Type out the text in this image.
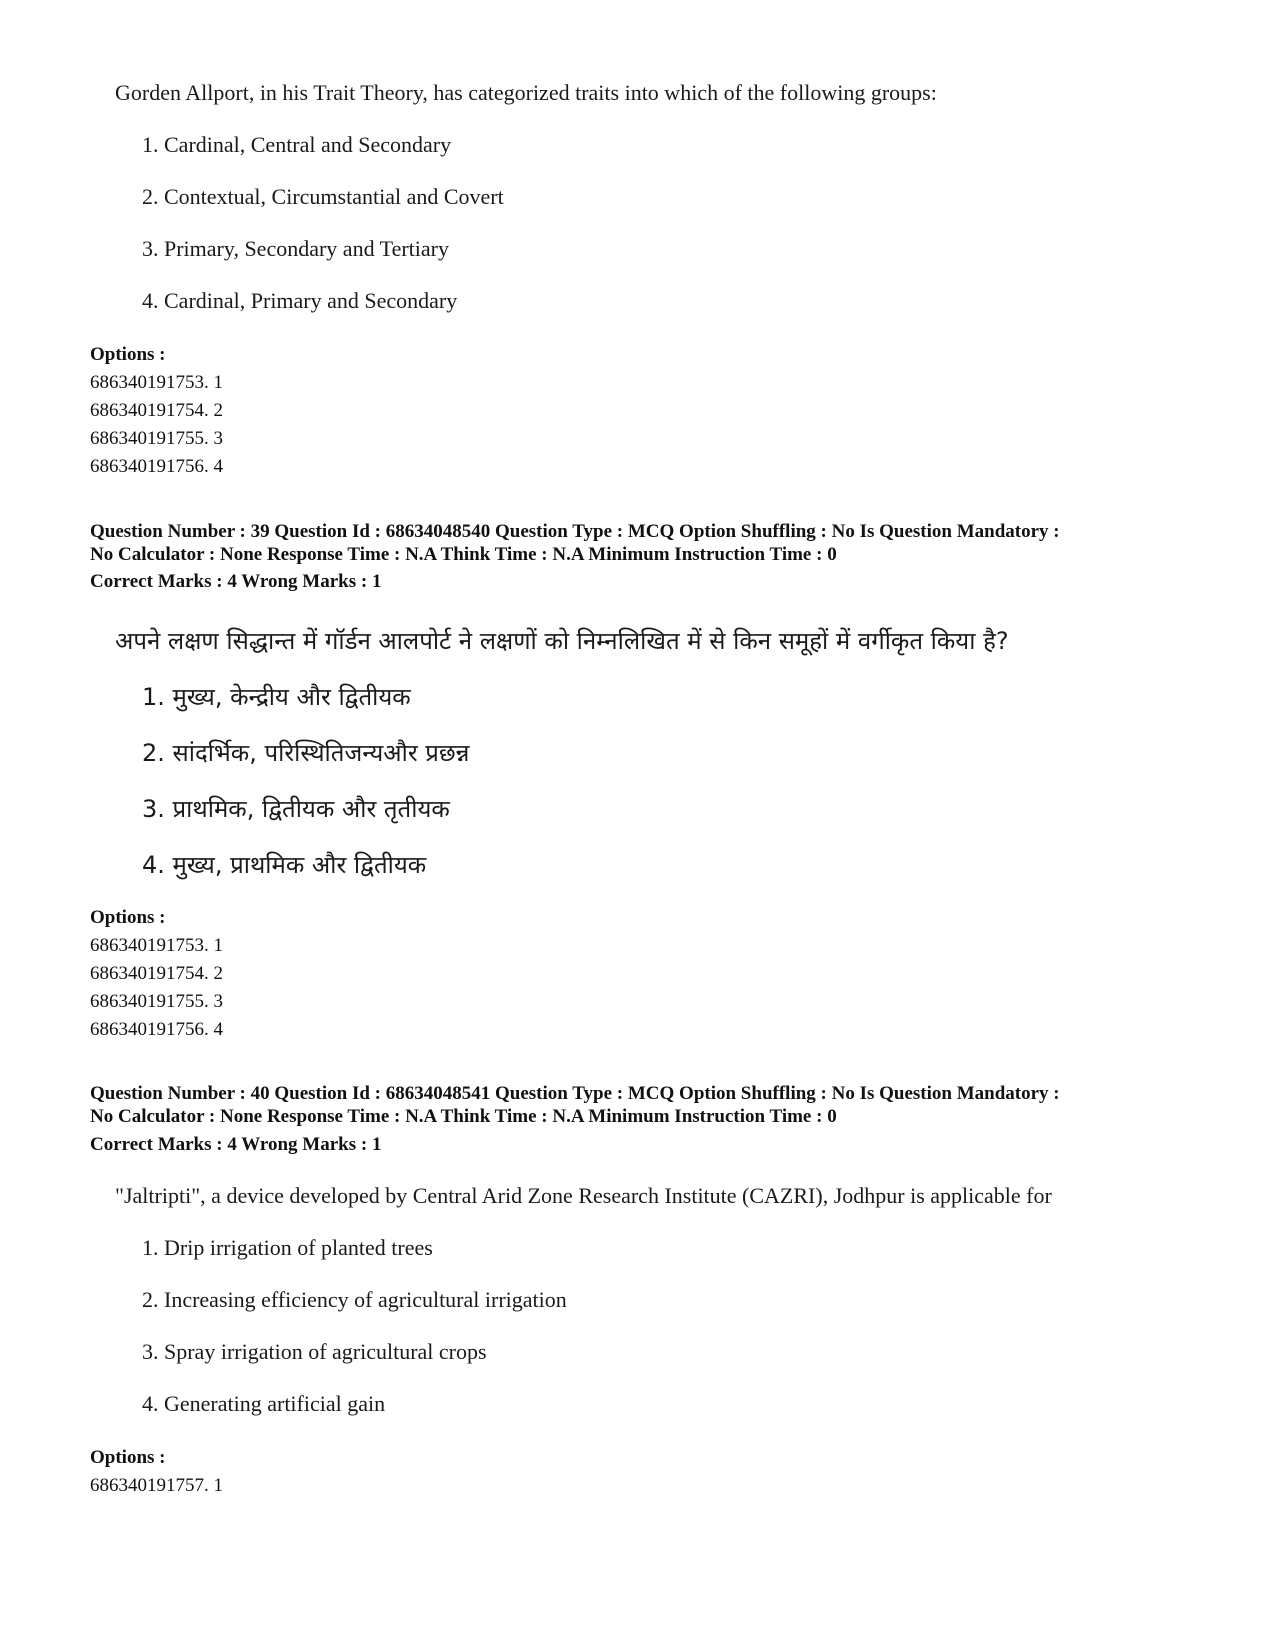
Gorden Allport, in his Trait Theory, has categorized traits into which of the following groups:
1. Cardinal, Central and Secondary
2. Contextual, Circumstantial and Covert
3. Primary, Secondary and Tertiary
4. Cardinal, Primary and Secondary
Options :
686340191753. 1
686340191754. 2
686340191755. 3
686340191756. 4
Question Number : 39 Question Id : 68634048540 Question Type : MCQ Option Shuffling : No Is Question Mandatory :
No Calculator : None Response Time : N.A Think Time : N.A Minimum Instruction Time : 0
Correct Marks : 4 Wrong Marks : 1
अपने लक्षण सिद्धान्त में गॉर्डन आलपोर्ट ने लक्षणों को निम्नलिखित में से किन समूहों में वर्गीकृत किया है?
1. मुख्य, केन्द्रीय और द्वितीयक
2. सांदर्भिक, परिस्थितिजन्यऔर प्रछन्न
3. प्राथमिक, द्वितीयक और तृतीयक
4. मुख्य, प्राथमिक और द्वितीयक
Options :
686340191753. 1
686340191754. 2
686340191755. 3
686340191756. 4
Question Number : 40 Question Id : 68634048541 Question Type : MCQ Option Shuffling : No Is Question Mandatory :
No Calculator : None Response Time : N.A Think Time : N.A Minimum Instruction Time : 0
Correct Marks : 4 Wrong Marks : 1
"Jaltripti", a device developed by Central Arid Zone Research Institute (CAZRI), Jodhpur is applicable for
1. Drip irrigation of planted trees
2. Increasing efficiency of agricultural irrigation
3. Spray irrigation of agricultural crops
4. Generating artificial gain
Options :
686340191757. 1
